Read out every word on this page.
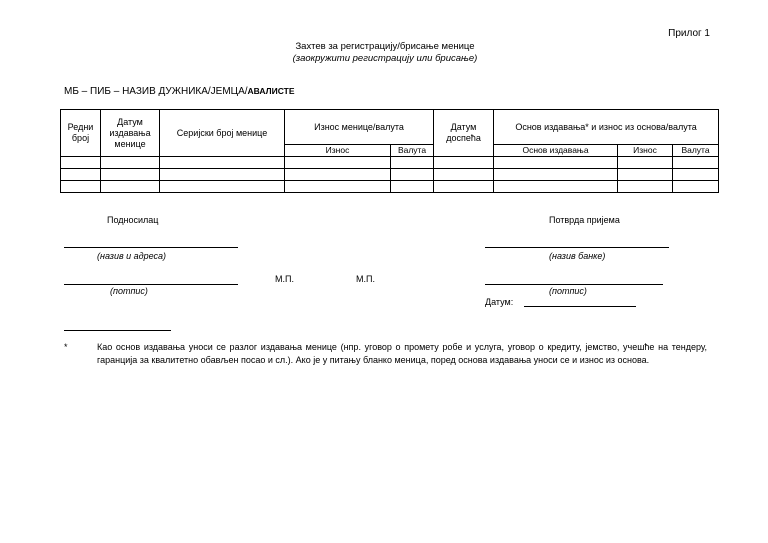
Прилог 1
Захтев за регистрацију/брисање менице
(заокружити регистрацију или брисање)
МБ – ПИБ – НАЗИВ ДУЖНИКА/ЈЕМЦА/АВАЛИСТЕ
Редни број	Датум издавања менице	Серијски број менице	Износ менице/валута		Датум доспећа	Основ издавања* и износ из основа/валута		
			Износ	Валута		Основ издавања	Износ	Валута

Подносилац	Потврда пријема
(назив и адреса)	(назив банке)
М.П.	М.П.
(потпис)	(потпис)
Датум:
*	Као основ издавања уноси се разлог издавања менице (нпр. уговор о промету робе и услуга, уговор о кредиту, јемство, учешће на тендеру, гаранција за квалитетно обављен посао и сл.). Ако је у питању бланко меница, поред основа издавања уноси се и износ из основа.
